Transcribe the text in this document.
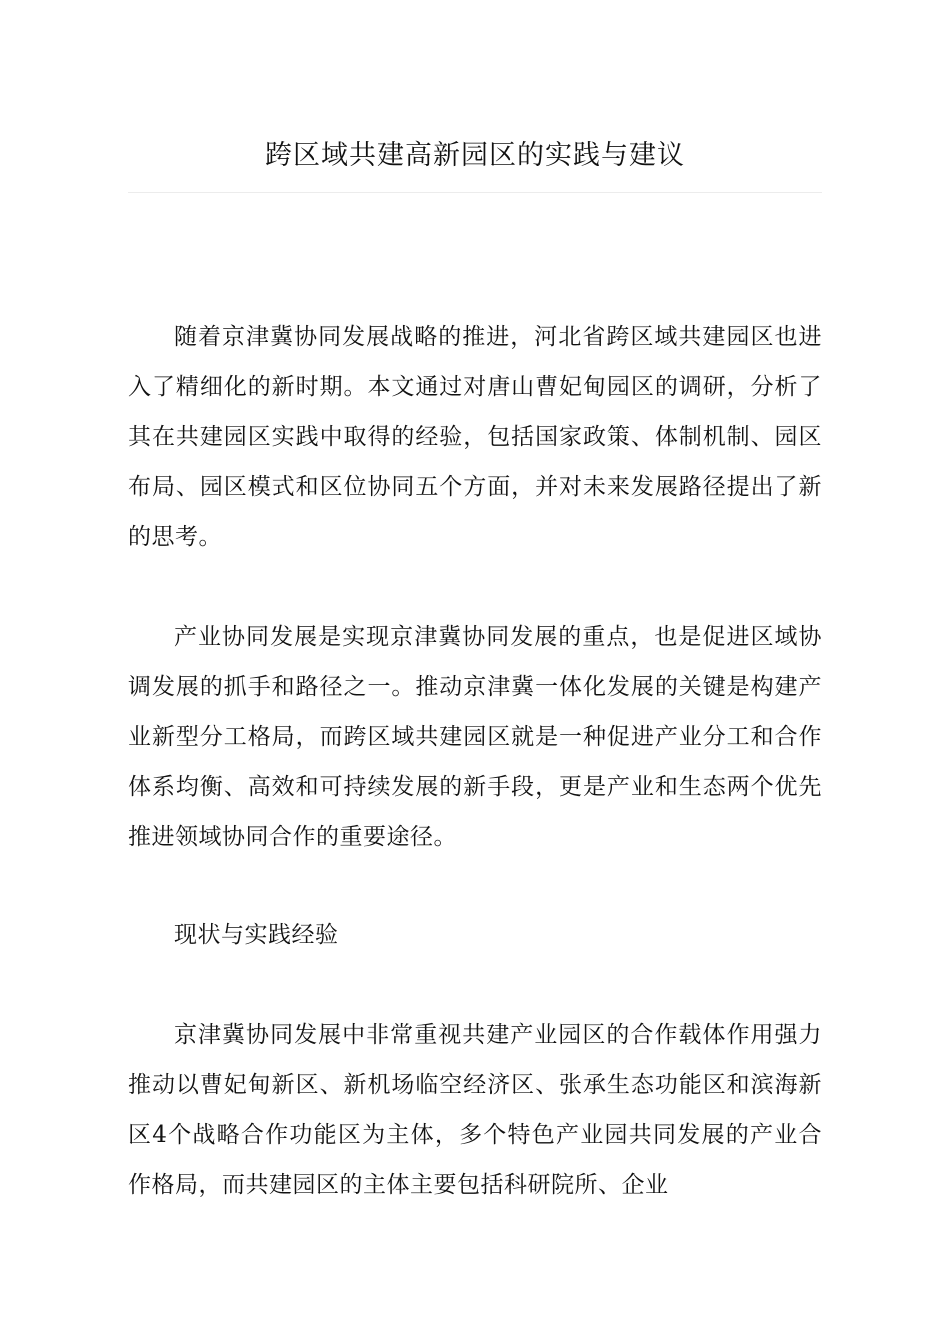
跨区域共建高新园区的实践与建议

随着京津冀协同发展战略的推进，河北省跨区域共建园区也进入了精细化的新时期。本文通过对唐山曹妃甸园区的调研，分析了其在共建园区实践中取得的经验，包括国家政策、体制机制、园区布局、园区模式和区位协同五个方面，并对未来发展路径提出了新的思考。

产业协同发展是实现京津冀协同发展的重点，也是促进区域协调发展的抓手和路径之一。推动京津冀一体化发展的关键是构建产业新型分工格局，而跨区域共建园区就是一种促进产业分工和合作体系均衡、高效和可持续发展的新手段，更是产业和生态两个优先推进领域协同合作的重要途径。

现状与实践经验

京津冀协同发展中非常重视共建产业园区的合作载体作用强力推动以曹妃甸新区、新机场临空经济区、张承生态功能区和滨海新区4个战略合作功能区为主体，多个特色产业园共同发展的产业合作格局，而共建园区的主体主要包括科研院所、企业
